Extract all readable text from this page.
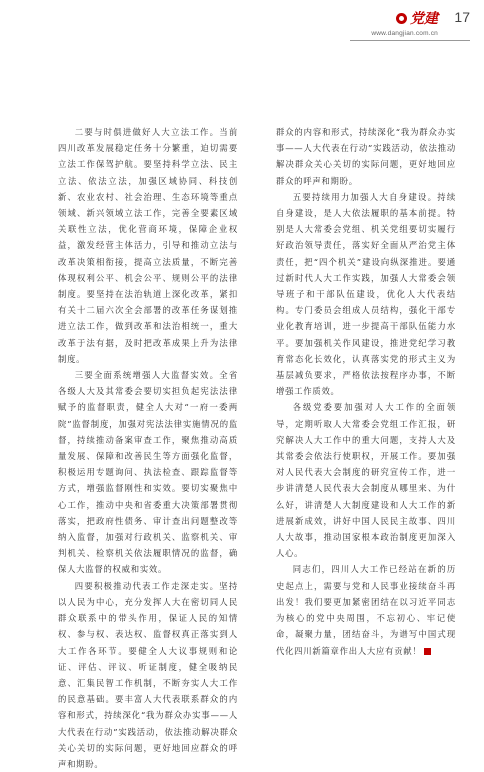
党建
www.dangjian.com.cn
17

二要与时俱进做好人大立法工作。当前四川改革发展稳定任务十分繁重，迫切需要立法工作保驾护航。要坚持科学立法、民主立法、依法立法，加强区域协同、科技创新、农业农村、社会治理、生态环境等重点领域、新兴领域立法工作，完善全要素区域关联性立法，优化营商环境，保障企业权益，激发经营主体活力，引导和推动立法与改革决策相衔接，提高立法质量，不断完善体现权利公平、机会公平、规则公平的法律制度。要坚持在法治轨道上深化改革，紧扣有关十二届六次全会部署的改革任务谋划推进立法工作，做到改革和法治相统一，重大改革于法有据，及时把改革成果上升为法律制度。

三要全面系统增强人大监督实效。全省各级人大及其常委会要切实担负起宪法法律赋予的监督职责，健全人大对“一府一委两院”监督制度，加强对宪法法律实施情况的监督，持续推动备案审查工作，聚焦推动高质量发展、保障和改善民生等方面强化监督，积极运用专题询问、执法检查、跟踪监督等方式，增强监督刚性和实效。要切实聚焦中心工作，推动中央和省委重大决策部署贯彻落实，把政府性债务、审计查出问题整改等纳入监督，加强对行政机关、监察机关、审判机关、检察机关依法履职情况的监督，确保人大监督的权威和实效。

四要积极推动代表工作走深走实。坚持以人民为中心，充分发挥人大在密切同人民群众联系中的带头作用，保证人民的知情权、参与权、表达权、监督权真正落实到人大工作各环节。要健全人大议事规则和论证、评估、评议、听证制度，健全吸纳民意、汇集民智工作机制，不断夯实人大工作的民意基础。要丰富人大代表联系群众的内容和形式，持续深化“我为群众办实事——人大代表在行动”实践活动，依法推动解决群众关心关切的实际问题，更好地回应群众的呼声和期盼。

群众的内容和形式，持续深化“我为群众办实事——人大代表在行动”实践活动，依法推动解决群众关心关切的实际问题，更好地回应群众的呼声和期盼。

五要持续用力加强人大自身建设。持续自身建设，是人大依法履职的基本前提。特别是人大常委会党组、机关党组要切实履行好政治领导责任，落实好全面从严治党主体责任，把“四个机关”建设向纵深推进。要通过新时代人大工作实践，加强人大常委会领导班子和干部队伍建设，优化人大代表结构。专门委员会组成人员结构，强化干部专业化教育培训，进一步提高干部队伍能力水平。要加强机关作风建设，推进党纪学习教育常态化长效化，认真落实党的形式主义为基层减负要求，严格依法按程序办事，不断增强工作质效。

各级党委要加强对人大工作的全面领导，定期听取人大常委会党组工作汇报，研究解决人大工作中的重大问题，支持人大及其常委会依法行使职权，开展工作。要加强对人民代表大会制度的研究宣传工作，进一步讲清楚人民代表大会制度从哪里来、为什么好，讲清楚人大制度建设和人大工作的新进展新成效，讲好中国人民民主故事、四川人大故事，推动国家根本政治制度更加深入人心。

同志们，四川人大工作已经站在新的历史起点上，需要与党和人民事业接续奋斗再出发！我们要更加紧密团结在以习近平同志为核心的党中央周围，不忘初心、牢记使命，凝聚力量，团结奋斗，为谱写中国式现代化四川新篇章作出人大应有贡献！
